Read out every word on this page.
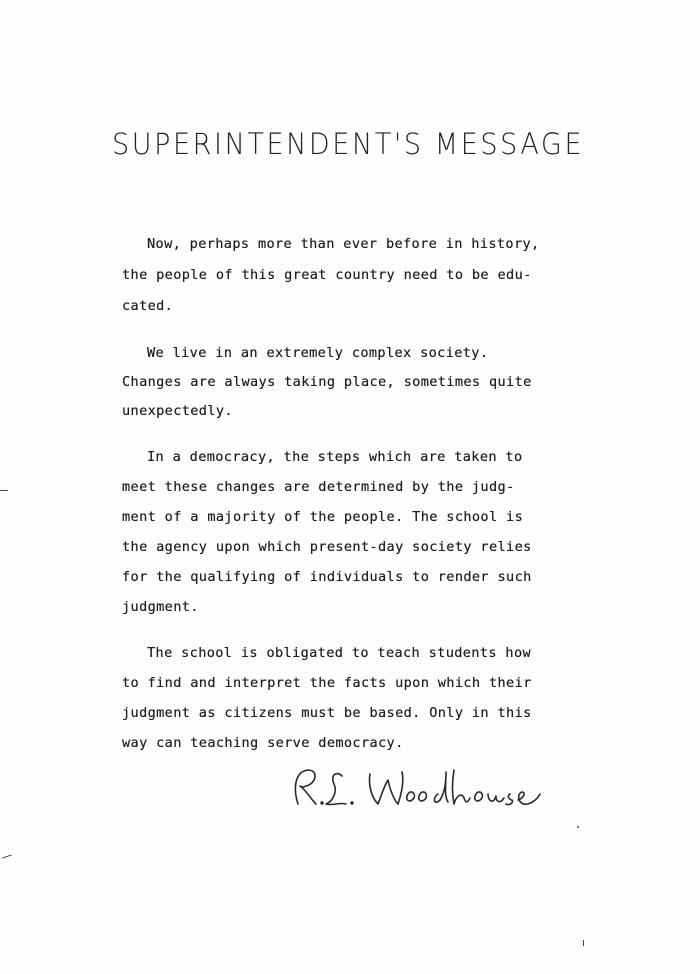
SUPERINTENDENT'S MESSAGE

Now, perhaps more than ever before in history,

the people of this great country need to be edu-

cated.

We live in an extremely complex society.

Changes are always taking place, sometimes quite

unexpectedly.

In a democracy, the steps which are taken to

meet these changes are determined by the judg-

ment of a majority of the people. The school is

the agency upon which present-day society relies

for the qualifying of individuals to render such

judgment.

The school is obligated to teach students how

to find and interpret the facts upon which their

judgment as citizens must be based. Only in this

way can teaching serve democracy.
